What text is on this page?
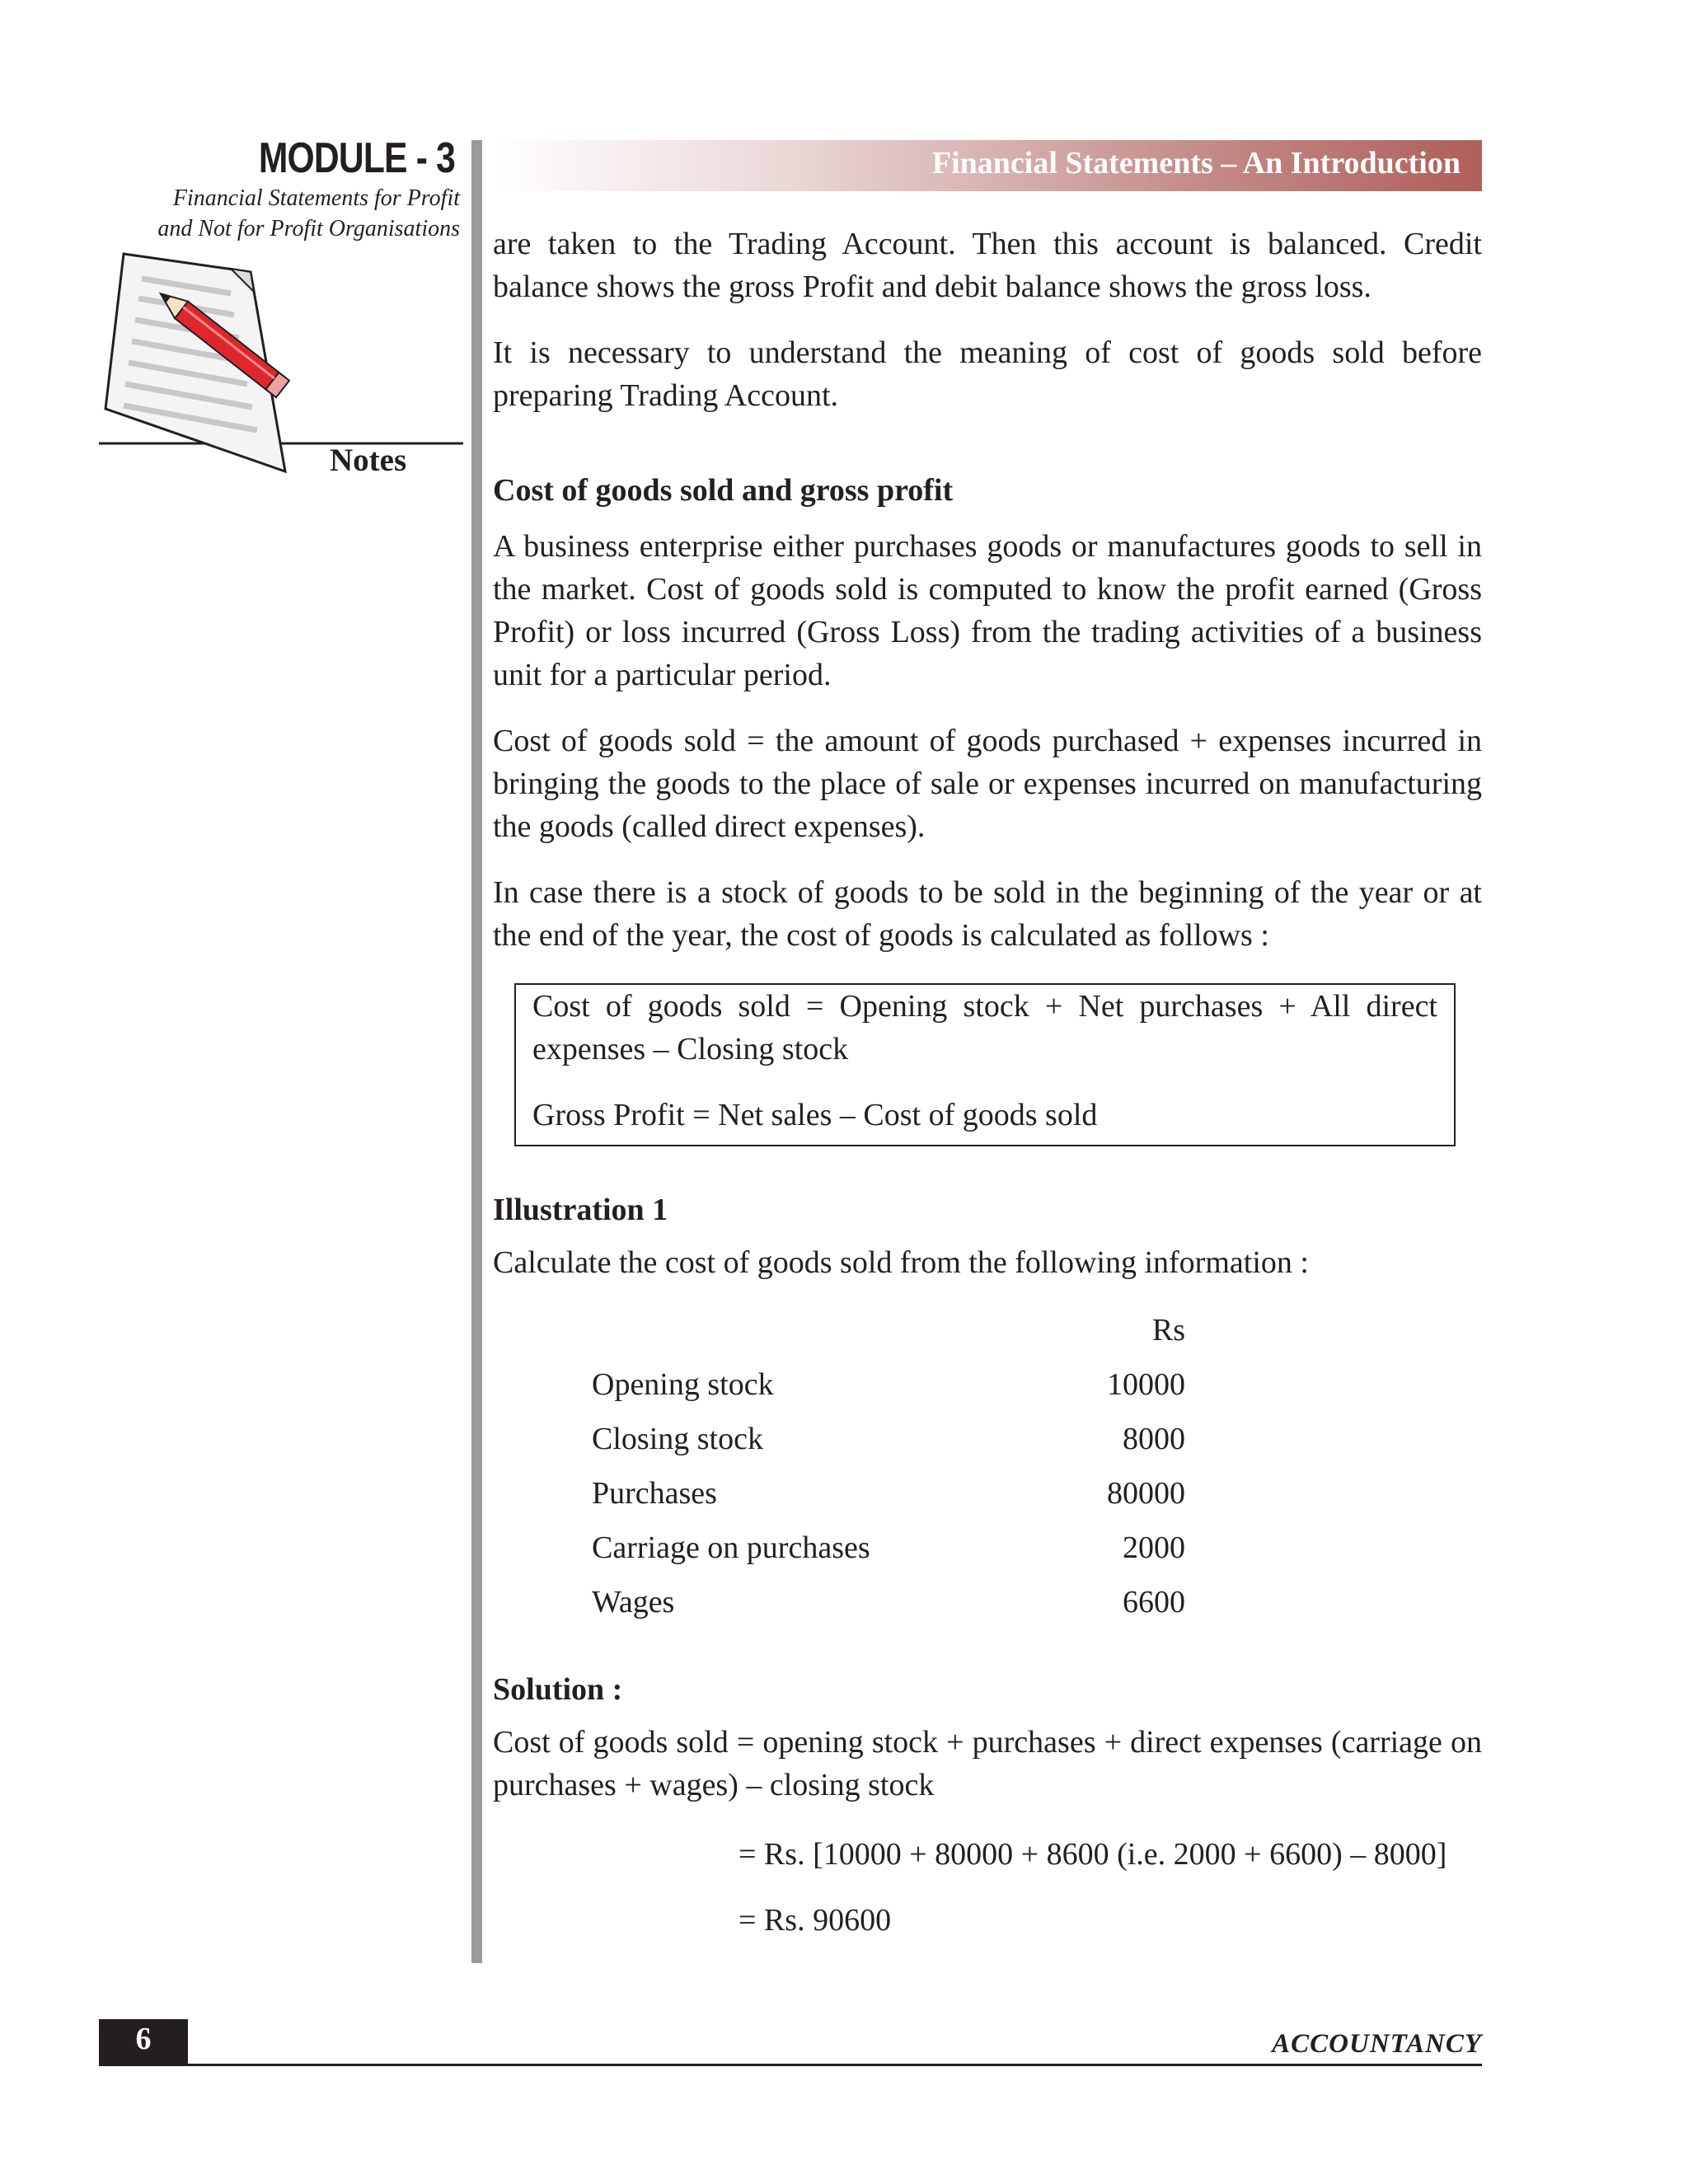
MODULE - 3
Financial Statements for Profit
and Not for Profit Organisations
Notes
Financial Statements – An Introduction

are taken to the Trading Account. Then this account is balanced. Credit balance shows the gross Profit and debit balance shows the gross loss.

It is necessary to understand the meaning of cost of goods sold before preparing Trading Account.

Cost of goods sold and gross profit

A business enterprise either purchases goods or manufactures goods to sell in the market. Cost of goods sold is computed to know the profit earned (Gross Profit) or loss incurred (Gross Loss) from the trading activities of a business unit for a particular period.

Cost of goods sold = the amount of goods purchased + expenses incurred in bringing the goods to the place of sale or expenses incurred on manufacturing the goods (called direct expenses).

In case there is a stock of goods to be sold in the beginning of the year or at the end of the year, the cost of goods is calculated as follows :

Cost of goods sold = Opening stock + Net purchases + All direct expenses – Closing stock

Gross Profit = Net sales – Cost of goods sold

Illustration 1

Calculate the cost of goods sold from the following information :

Rs
Opening stock	10000
Closing stock	8000
Purchases	80000
Carriage on purchases	2000
Wages	6600

Solution :

Cost of goods sold = opening stock + purchases + direct expenses (carriage on purchases + wages) – closing stock

= Rs. [10000 + 80000 + 8600 (i.e. 2000 + 6600) – 8000]
= Rs. 90600
6	ACCOUNTANCY
